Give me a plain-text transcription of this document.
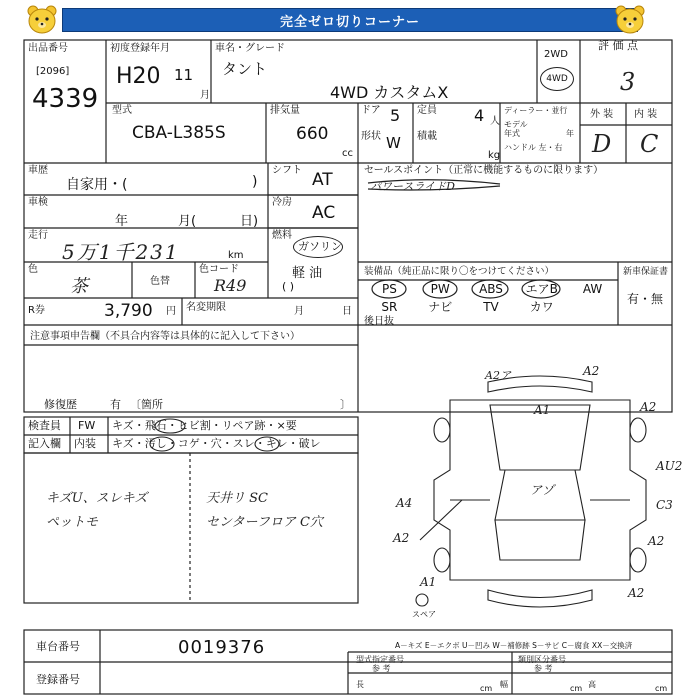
完全ゼロ切りコーナー
出品番号
[2096]
4339
初度登録年月
H20 11
月
車名・グレード
タント
4WD カスタムX
2WD
4WD
評 価 点
3
外 装 内 装
D C
型式
CBA-L385S
排気量
660
cc
ドア 5
形状 W
定員 4 人
積載
kg
ディーラー・並行
モデル
年式	年
ハンドル 左・右
車歴
自家用・(	)
シフト AT
冷房
AC
車検
年	月(	日)
走行
5万1千231	km
燃料
ガソリン
軽 油
( )
色
茶	色替
色コード
R49
R券	3,790 円 名変期限	月	日
セールスポイント（正常に機能するものに限ります）
パワースライドD
装備品（純正品に限り〇をつけてください）
PS	PW	ABS	エアB	AW
SR	ナビ	TV	カワ
新車保証書
有・無
後日抜
注意事項申告欄（不具合内容等は具体的に記入して下さい）
修復歴	有 〔箇所	〕
検査員
記入欄
FW キズ・飛石・ヒビ割・リペア跡・×要
内装 キズ・汚し・コゲ・穴・スレ・キレ・破レ
キズU、スレキズ
ペットモ
天井リ SC
センターフロア C穴
A2ア	A2
A1	A2
AU2
C3
A4
A2	A2
A1
A2
アゾ
スペア
車台番号	0019376
登録番号
A－キズ E－エクボ U－凹み W－補修跡 S－サビ C－腐食 XX－交換済
型式指定番号
参 考
類別区分番号
参 考
長	cm 幅	cm 高	cm
